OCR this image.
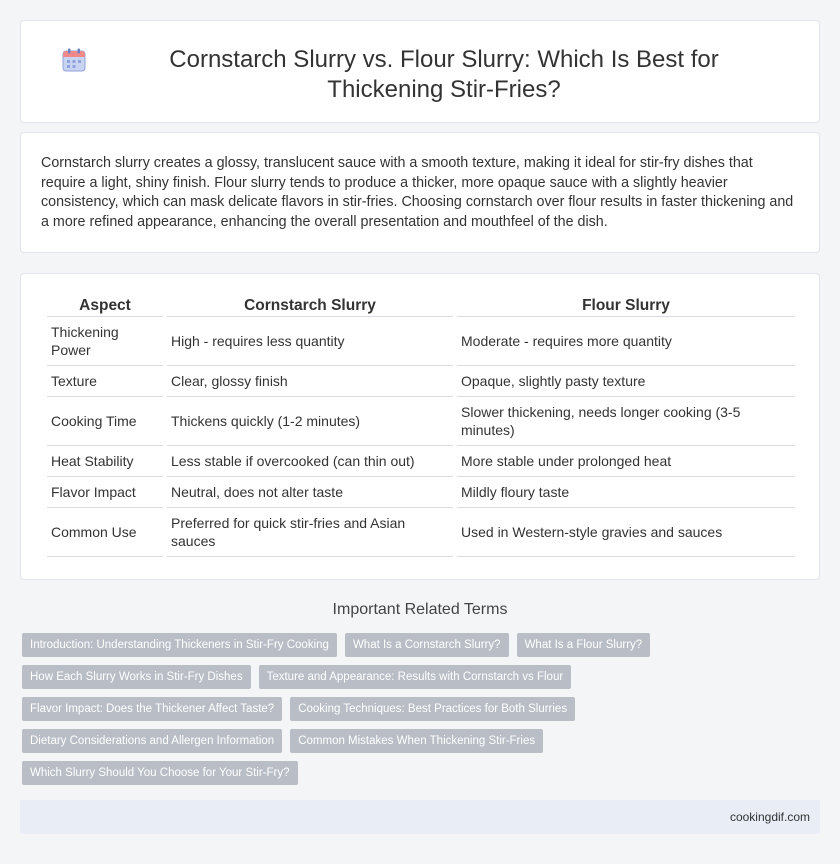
Cornstarch Slurry vs. Flour Slurry: Which Is Best for Thickening Stir-Fries?

Cornstarch slurry creates a glossy, translucent sauce with a smooth texture, making it ideal for stir-fry dishes that require a light, shiny finish. Flour slurry tends to produce a thicker, more opaque sauce with a slightly heavier consistency, which can mask delicate flavors in stir-fries. Choosing cornstarch over flour results in faster thickening and a more refined appearance, enhancing the overall presentation and mouthfeel of the dish.

Aspect	Cornstarch Slurry	Flour Slurry
Thickening Power	High - requires less quantity	Moderate - requires more quantity
Texture	Clear, glossy finish	Opaque, slightly pasty texture
Cooking Time	Thickens quickly (1-2 minutes)	Slower thickening, needs longer cooking (3-5 minutes)
Heat Stability	Less stable if overcooked (can thin out)	More stable under prolonged heat
Flavor Impact	Neutral, does not alter taste	Mildly floury taste
Common Use	Preferred for quick stir-fries and Asian sauces	Used in Western-style gravies and sauces
Important Related Terms
Introduction: Understanding Thickeners in Stir-Fry Cooking	What Is a Cornstarch Slurry?	What Is a Flour Slurry?
How Each Slurry Works in Stir-Fry Dishes	Texture and Appearance: Results with Cornstarch vs Flour
Flavor Impact: Does the Thickener Affect Taste?	Cooking Techniques: Best Practices for Both Slurries
Dietary Considerations and Allergen Information	Common Mistakes When Thickening Stir-Fries
Which Slurry Should You Choose for Your Stir-Fry?
cookingdif.com
